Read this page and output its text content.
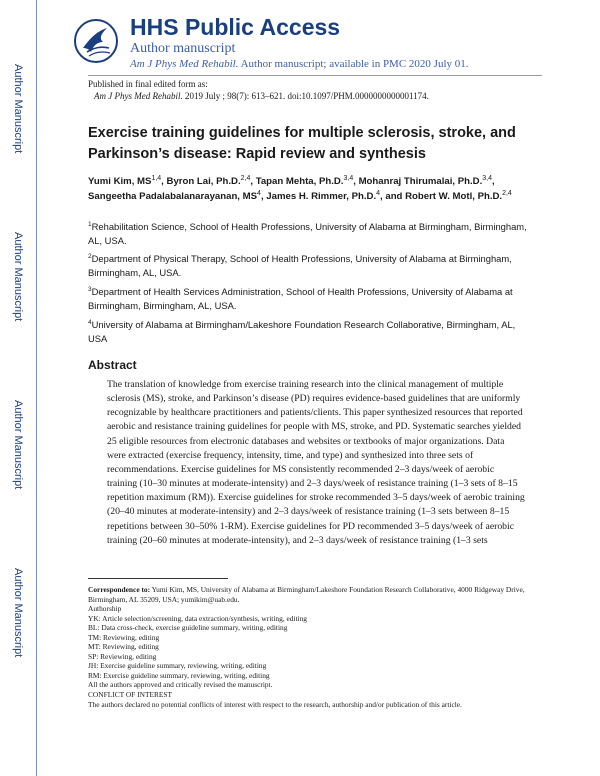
Author Manuscript
Author Manuscript
Author Manuscript
Author Manuscript
HHS Public Access
Author manuscript
Am J Phys Med Rehabil. Author manuscript; available in PMC 2020 July 01.
Published in final edited form as:
Am J Phys Med Rehabil. 2019 July ; 98(7): 613–621. doi:10.1097/PHM.0000000000001174.
Exercise training guidelines for multiple sclerosis, stroke, and Parkinson’s disease: Rapid review and synthesis
Yumi Kim, MS$^{1,4}$, Byron Lai, Ph.D.$^{2,4}$, Tapan Mehta, Ph.D.$^{3,4}$, Mohanraj Thirumalai, Ph.D.$^{3,4}$, Sangeetha Padalabalanarayanan, $MS^4$, James H. Rimmer, Ph.D.$^4$, and Robert W. Motl, Ph.D.$^{2,4}$
$^1$Rehabilitation Science, School of Health Professions, University of Alabama at Birmingham, Birmingham, AL, USA.
$^2$Department of Physical Therapy, School of Health Professions, University of Alabama at Birmingham, Birmingham, AL, USA.
$^3$Department of Health Services Administration, School of Health Professions, University of Alabama at Birmingham, Birmingham, AL, USA.
$^4$University of Alabama at Birmingham/Lakeshore Foundation Research Collaborative, Birmingham, AL, USA
Abstract
The translation of knowledge from exercise training research into the clinical management of multiple sclerosis (MS), stroke, and Parkinson’s disease (PD) requires evidence-based guidelines that are uniformly recognizable by healthcare practitioners and patients/clients. This paper synthesized resources that reported aerobic and resistance training guidelines for people with MS, stroke, and PD. Systematic searches yielded 25 eligible resources from electronic databases and websites or textbooks of major organizations. Data were extracted (exercise frequency, intensity, time, and type) and synthesized into three sets of recommendations. Exercise guidelines for MS consistently recommended 2–3 days/week of aerobic training (10–30 minutes at moderate-intensity) and 2–3 days/week of resistance training (1–3 sets of 8–15 repetition maximum (RM)). Exercise guidelines for stroke recommended 3–5 days/week of aerobic training (20–40 minutes at moderate-intensity) and 2–3 days/week of resistance training (1–3 sets between 8–15 repetitions between 30–50% 1-RM). Exercise guidelines for PD recommended 3–5 days/week of aerobic training (20–60 minutes at moderate-intensity), and 2–3 days/week of resistance training (1–3 sets

Correspondence to: Yumi Kim, MS, University of Alabama at Birmingham/Lakeshore Foundation Research Collaborative, 4000 Ridgeway Drive, Birmingham, AL 35209, USA; yumikim@uab.edu.

Authorship

YK: Article selection/screening, data extraction/synthesis, writing, editing

BL: Data cross-check, exercise guideline summary, writing, editing

TM: Reviewing, editing

MT: Reviewing, editing

SP: Reviewing, editing

JH: Exercise guideline summary, reviewing, writing, editing

RM: Exercise guideline summary, reviewing, writing, editing

All the authors approved and critically revised the manuscript.

CONFLICT OF INTEREST

The authors declared no potential conflicts of interest with respect to the research, authorship and/or publication of this article.
